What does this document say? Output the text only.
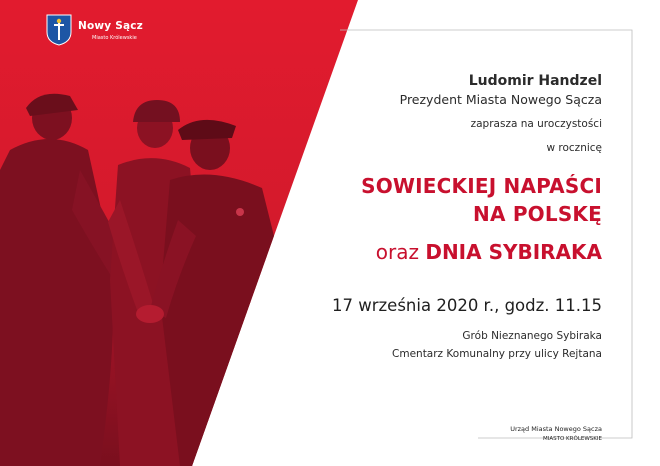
Nowy Sącz
Miasto Królewskie
Ludomir Handzel
Prezydent Miasta Nowego Sącza
zaprasza na uroczystości
w rocznicę
SOWIECKIEJ NAPAŚCI
NA POLSKĘ
oraz DNIA SYBIRAKA
17 września 2020 r., godz. 11.15
Grób Nieznanego Sybiraka
Cmentarz Komunalny przy ulicy Rejtana
Urząd Miasta Nowego Sącza
MIASTO KRÓLEWSKIE
